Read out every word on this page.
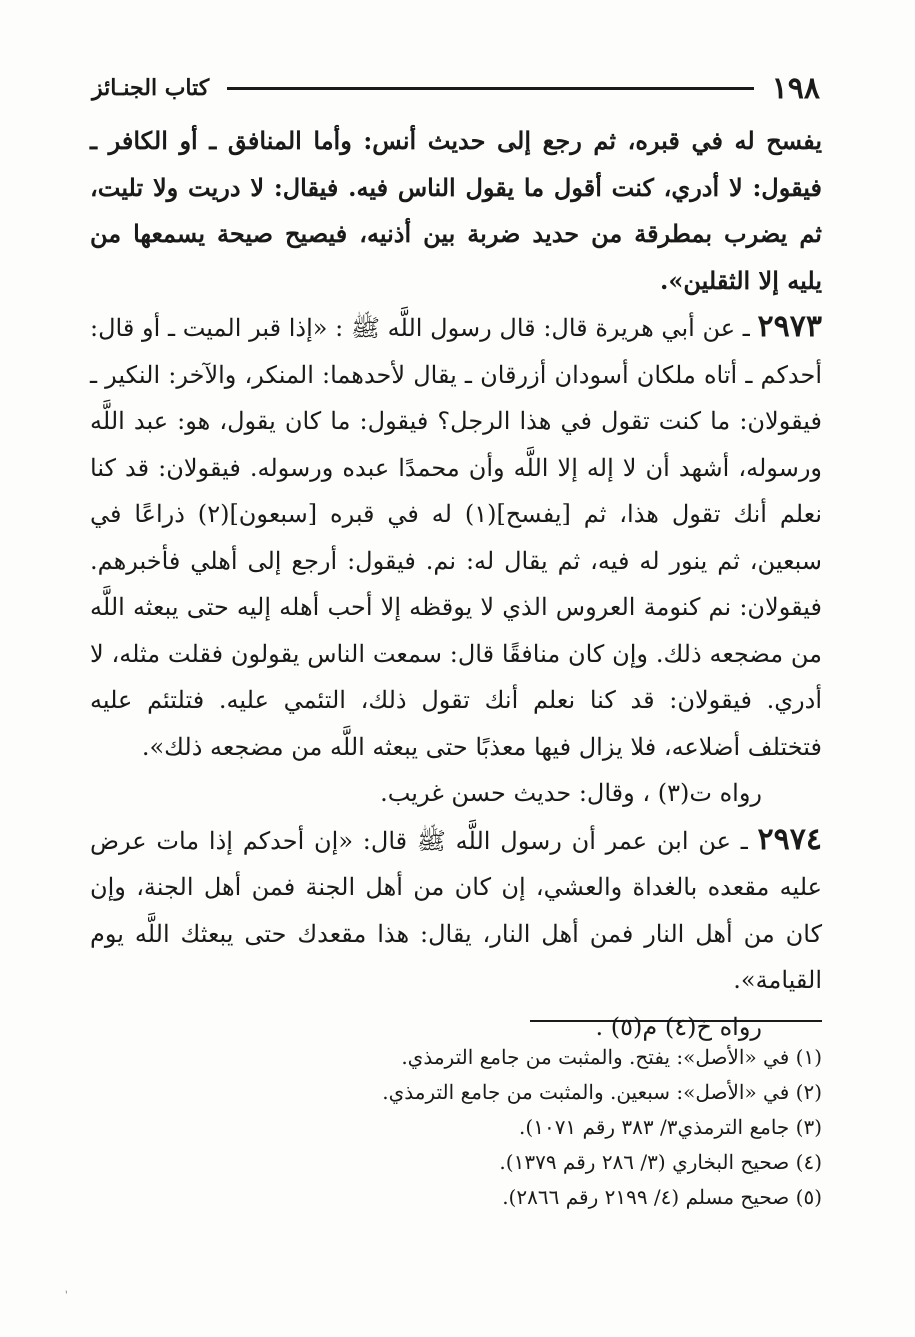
١٩٨
كتاب الجنـائز

يفسح له في قبره، ثم رجع إلى حديث أنس: وأما المنافق ـ أو الكافر ـ فيقول: لا أدري، كنت أقول ما يقول الناس فيه. فيقال: لا دريت ولا تليت، ثم يضرب بمطرقة من حديد ضربة بين أذنيه، فيصيح صيحة يسمعها من يليه إلا الثقلين».

٢٩٧٣ ـ عن أبي هريرة قال: قال رسول اللَّه ﷺ : «إذا قبر الميت ـ أو قال: أحدكم ـ أتاه ملكان أسودان أزرقان ـ يقال لأحدهما: المنكر، والآخر: النكير ـ فيقولان: ما كنت تقول في هذا الرجل؟ فيقول: ما كان يقول، هو: عبد اللَّه ورسوله، أشهد أن لا إله إلا اللَّه وأن محمدًا عبده ورسوله. فيقولان: قد كنا نعلم أنك تقول هذا، ثم [يفسح](١) له في قبره [سبعون](٢) ذراعًا في سبعين، ثم ينور له فيه، ثم يقال له: نم. فيقول: أرجع إلى أهلي فأخبرهم. فيقولان: نم كنومة العروس الذي لا يوقظه إلا أحب أهله إليه حتى يبعثه اللَّه من مضجعه ذلك. وإن كان منافقًا قال: سمعت الناس يقولون فقلت مثله، لا أدري. فيقولان: قد كنا نعلم أنك تقول ذلك، التئمي عليه. فتلتئم عليه فتختلف أضلاعه، فلا يزال فيها معذبًا حتى يبعثه اللَّه من مضجعه ذلك».

رواه ت(٣) ، وقال: حديث حسن غريب.

٢٩٧٤ ـ عن ابن عمر أن رسول اللَّه ﷺ قال: «إن أحدكم إذا مات عرض عليه مقعده بالغداة والعشي، إن كان من أهل الجنة فمن أهل الجنة، وإن كان من أهل النار فمن أهل النار، يقال: هذا مقعدك حتى يبعثك اللَّه يوم القيامة».

رواه خ(٤) م(٥) .

(١) في «الأصل»: يفتح. والمثبت من جامع الترمذي.
(٢) في «الأصل»: سبعين. والمثبت من جامع الترمذي.
(٣) جامع الترمذي٣/ ٣٨٣ رقم ١٠٧١).
(٤) صحيح البخاري (٣/ ٢٨٦ رقم ١٣٧٩).
(٥) صحيح مسلم (٤/ ٢١٩٩ رقم ٢٨٦٦).
